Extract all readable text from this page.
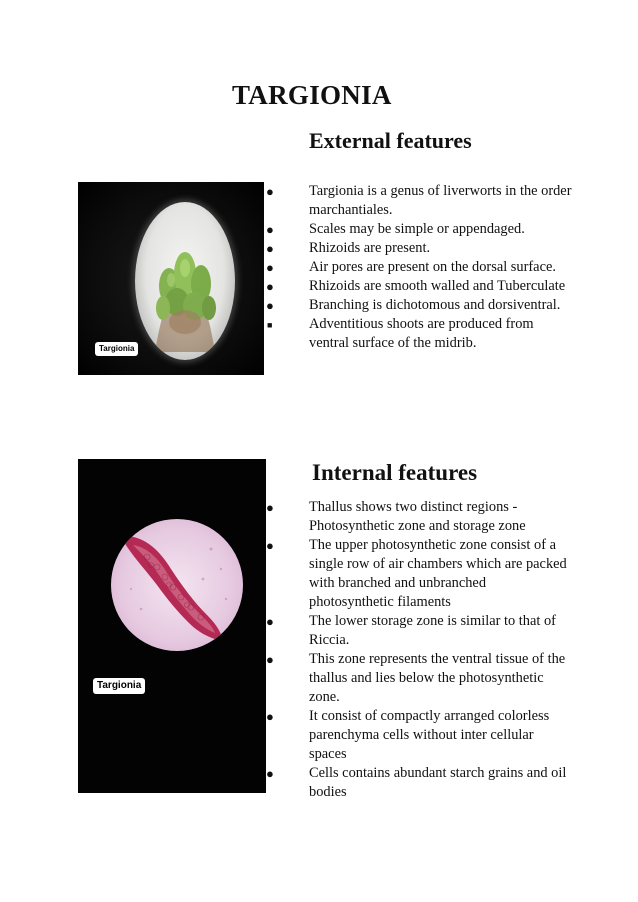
TARGIONIA
External features
Targionia
● Targionia is a genus of liverworts in the order marchantiales.
● Scales may be simple or appendaged.
● Rhizoids are present.
● Air pores are present on the dorsal surface.
● Rhizoids are smooth walled and Tuberculate
● Branching is dichotomous and dorsiventral.
■	Adventitious shoots are produced from ventral surface of the midrib.
Internal features
Targionia
● Thallus shows two distinct regions - Photosynthetic zone and storage zone
● The upper photosynthetic zone consist of a single row of air chambers which are packed with branched and unbranched photosynthetic filaments
● The lower storage zone is similar to that of Riccia.
● This zone represents the ventral tissue of the thallus and lies below the photosynthetic zone.
● It consist of compactly arranged colorless parenchyma cells without inter cellular spaces
● Cells contains abundant starch grains and oil bodies
